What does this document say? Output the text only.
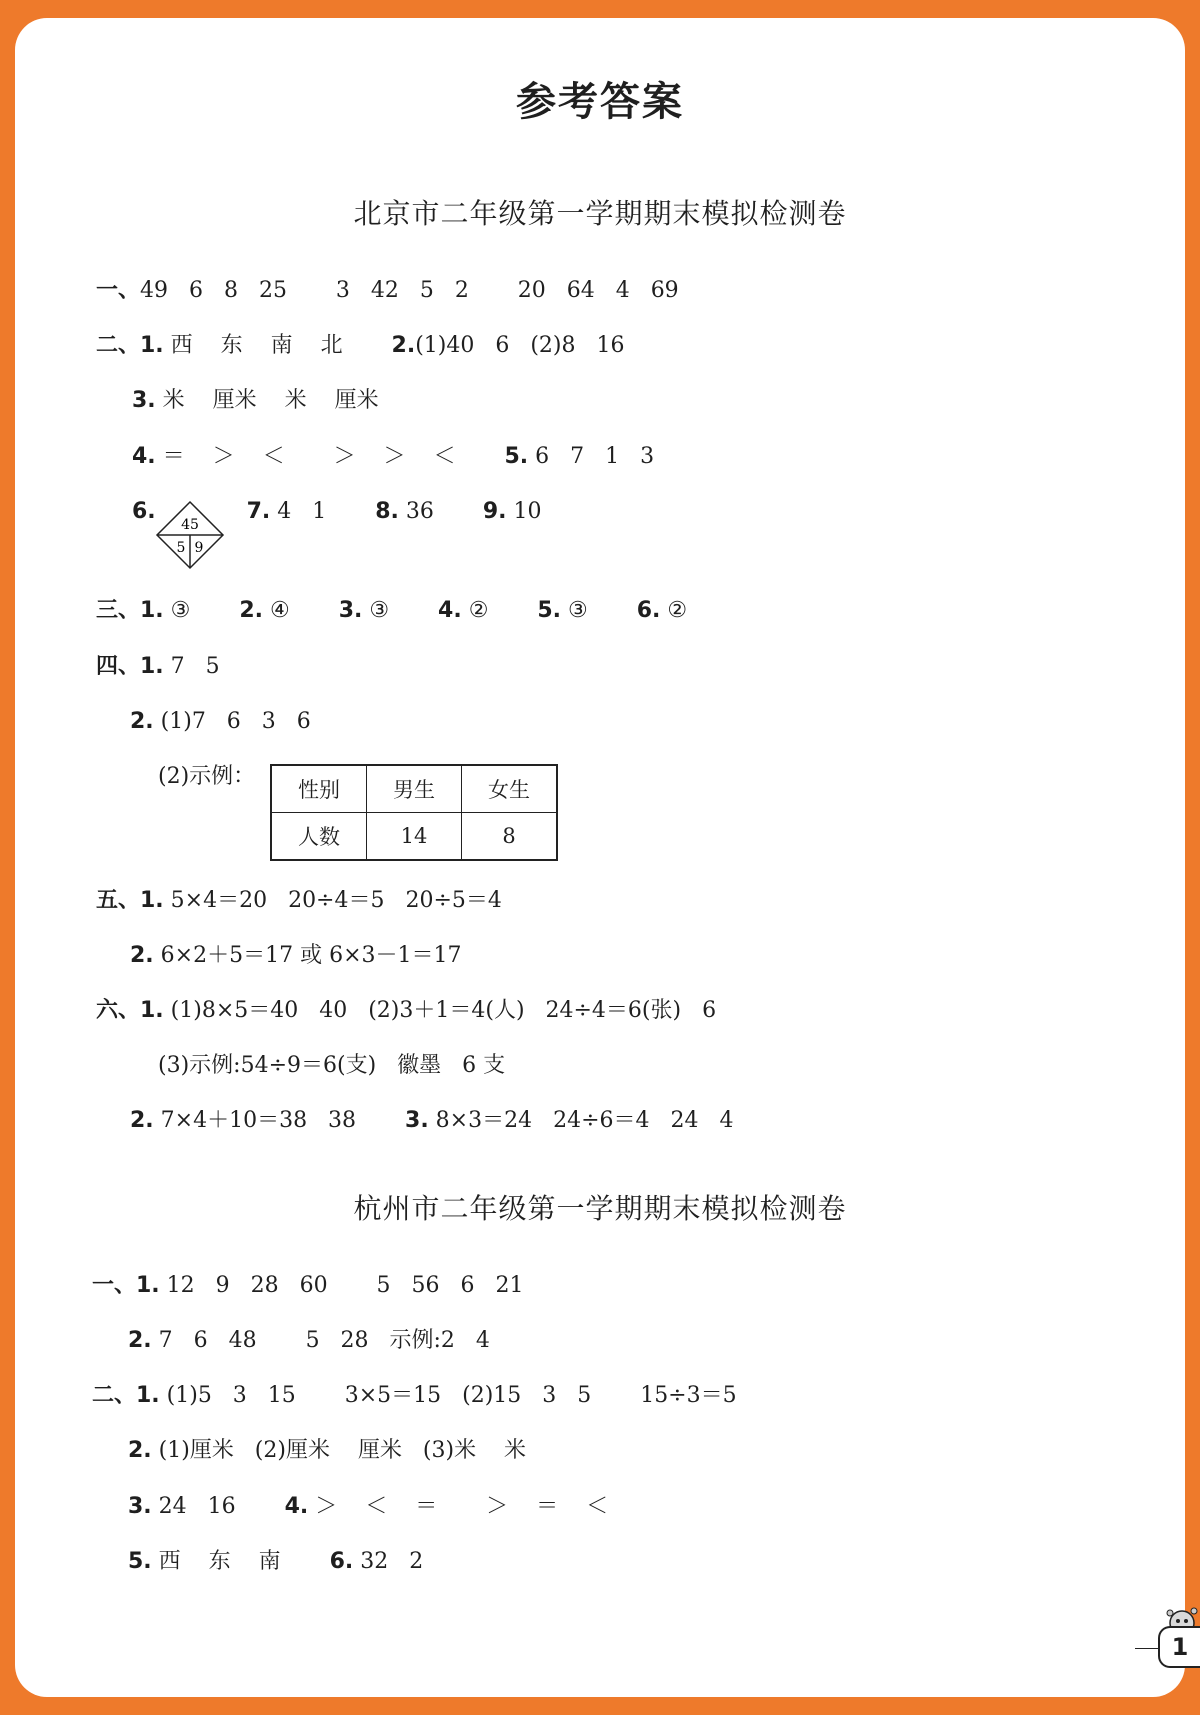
参考答案
北京市二年级第一学期期末模拟检测卷
一、49   6   8   25       3   42   5   2       20   64   4   69
二、1. 西    东    南    北       2.(1)40   6   (2)8   16
3. 米    厘米    米    厘米
4. ＝    ＞    ＜       ＞    ＞    ＜       5. 6   7   1   3
6.	7. 4   1       8. 36       9. 10
三、1. ③       2. ④       3. ③       4. ②       5. ③       6. ②
四、1. 7   5
2. (1)7   6   3   6
(2)示例：
五、1. 5×4＝20   20÷4＝5   20÷5＝4
2. 6×2＋5＝17 或 6×3－1＝17
六、1. (1)8×5＝40   40   (2)3＋1＝4(人)   24÷4＝6(张)   6
(3)示例:54÷9＝6(支)   徽墨   6 支
2. 7×4＋10＝38   38       3. 8×3＝24   24÷6＝4   24   4
杭州市二年级第一学期期末模拟检测卷
一、1. 12   9   28   60       5   56   6   21
2. 7   6   48       5   28   示例:2   4
二、1. (1)5   3   15       3×5＝15   (2)15   3   5       15÷3＝5
2. (1)厘米   (2)厘米    厘米   (3)米    米
3. 24   16       4. ＞    ＜    ＝       ＞    ＝    ＜
5. 西    东    南       6. 32   2
45
5 9
性别	男生	女生
人数	14	8
1
